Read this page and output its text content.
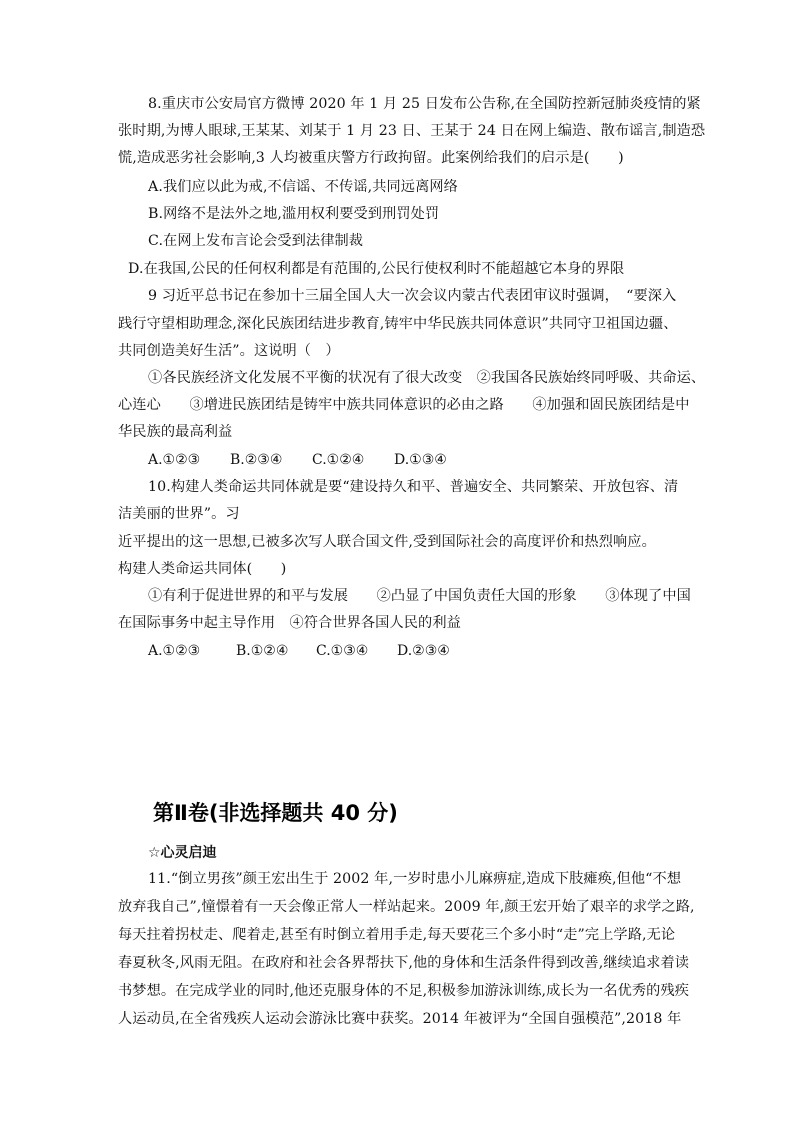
8.重庆市公安局官方微博 2020 年 1 月 25 日发布公告称,在全国防控新冠肺炎疫情的紧
张时期,为博人眼球,王某某、刘某于 1 月 23 日、王某于 24 日在网上编造、散布谣言,制造恐
慌,造成恶劣社会影响,3 人均被重庆警方行政拘留。此案例给我们的启示是(　　)
A.我们应以此为戒,不信谣、不传谣,共同远离网络
B.网络不是法外之地,滥用权利要受到刑罚处罚
C.在网上发布言论会受到法律制裁
D.在我国,公民的任何权利都是有范围的,公民行使权利时不能超越它本身的界限
9 习近平总书记在参加十三届全国人大一次会议内蒙古代表团审议时强调，　“要深入
践行守望相助理念,深化民族团结进步教育,铸牢中华民族共同体意识”共同守卫祖国边疆、
共同创造美好生活”。这说明（　）
①各民族经济文化发展不平衡的状况有了很大改变　②我国各民族始终同呼吸、共命运、
心连心　　③增进民族团结是铸牢中族共同体意识的必由之路　　④加强和固民族团结是中
华民族的最高利益
A.①②③ B.②③④ C.①②④ D.①③④
10.构建人类命运共同体就是要“建设持久和平、普遍安全、共同繁荣、开放包容、清
洁美丽的世界”。习
近平提出的这一思想,已被多次写人联合国文件,受到国际社会的高度评价和热烈响应。
构建人类命运共同体(　　)
①有利于促进世界的和平与发展　　②凸显了中国负责任大国的形象　　③体现了中国
在国际事务中起主导作用　④符合世界各国人民的利益
A.①②③	B.①②④ C.①③④ D.②③④
第Ⅱ卷(非选择题共 40 分)
☆心灵启迪
11.“倒立男孩”颜王宏出生于 2002 年,一岁时患小儿麻痹症,造成下肢瘫痪,但他“不想
放弃我自己”,憧憬着有一天会像正常人一样站起来。2009 年,颜王宏开始了艰辛的求学之路,
每天拄着拐杖走、爬着走,甚至有时倒立着用手走,每天要花三个多小时“走”完上学路,无论
春夏秋冬,风雨无阻。在政府和社会各界帮扶下,他的身体和生活条件得到改善,继续追求着读
书梦想。在完成学业的同时,他还克服身体的不足,积极参加游泳训练,成长为一名优秀的残疾
人运动员,在全省残疾人运动会游泳比赛中获奖。2014 年被评为“全国自强模范”,2018 年
